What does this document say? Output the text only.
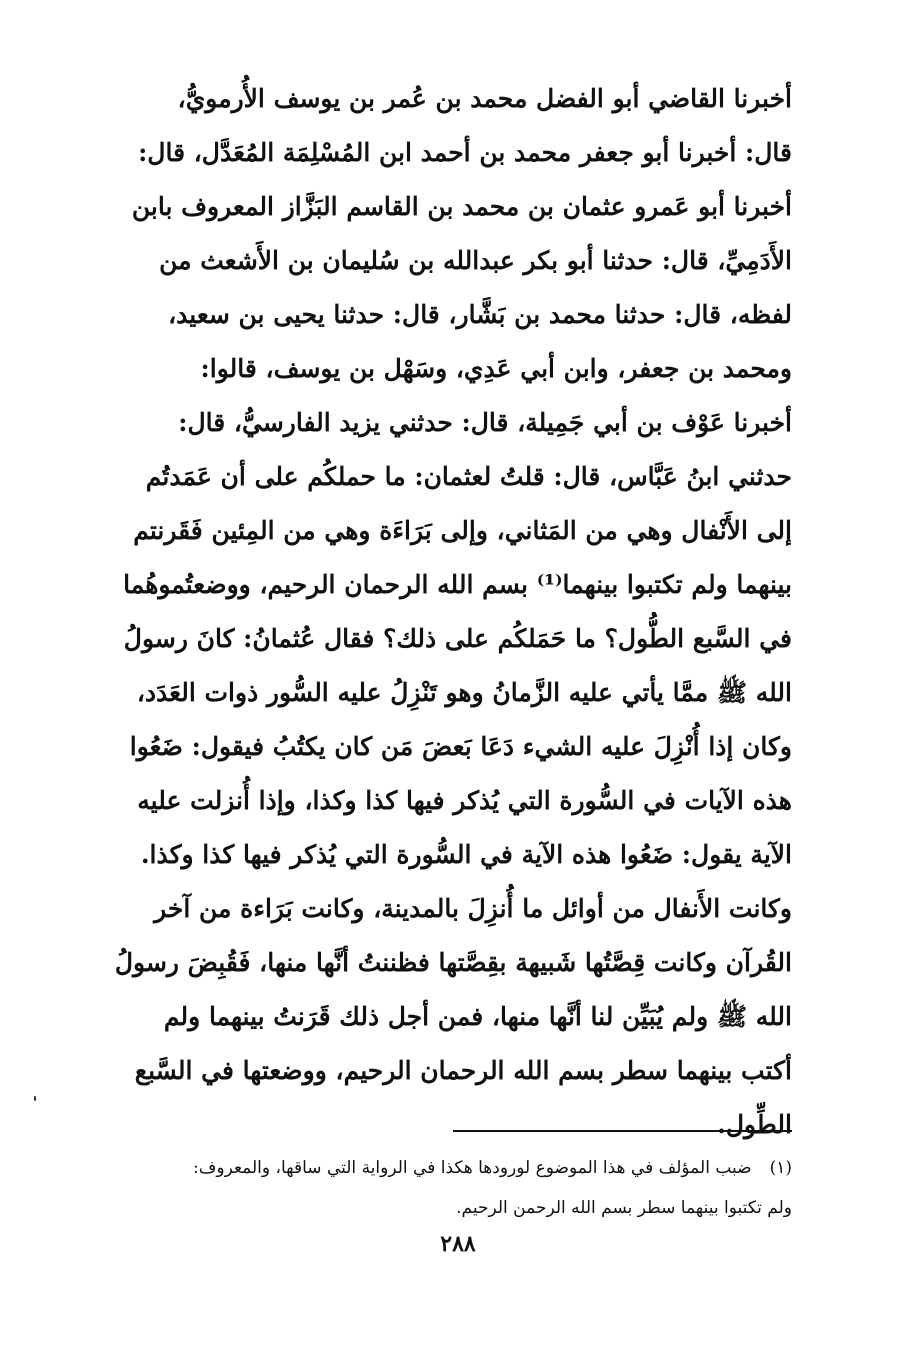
أخبرنا القاضي أبو الفضل محمد بن عُمر بن يوسف الأُرمويُّ،
قال: أخبرنا أبو جعفر محمد بن أحمد ابن المُسْلِمَة المُعَدَّل، قال:
أخبرنا أبو عَمرو عثمان بن محمد بن القاسم البَزَّاز المعروف بابن
الأَدَمِيِّ، قال: حدثنا أبو بكر عبدالله بن سُليمان بن الأَشعث من
لفظه، قال: حدثنا محمد بن بَشَّار، قال: حدثنا يحيى بن سعيد،
ومحمد بن جعفر، وابن أبي عَدِي، وسَهْل بن يوسف، قالوا:
أخبرنا عَوْف بن أبي جَمِيلة، قال: حدثني يزيد الفارسيُّ، قال:
حدثني ابنُ عَبَّاس، قال: قلتُ لعثمان: ما حملكُم على أن عَمَدتُم
إلى الأَنْفال وهي من المَثاني، وإلى بَرَاءَة وهي من المِئين فَقَرنتم
بينهما ولم تكتبوا بينهما⁽¹⁾ بسم الله الرحمان الرحيم، ووضعتُموهُما
في السَّبع الطُّول؟ ما حَمَلكُم على ذلك؟ فقال عُثمانُ: كانَ رسولُ
الله ﷺ ممَّا يأتي عليه الزَّمانُ وهو تَنْزِلُ عليه السُّور ذوات العَدَد،
وكان إذا أُنْزِلَ عليه الشيء دَعَا بَعضَ مَن كان يكتُبُ فيقول: ضَعُوا
هذه الآيات في السُّورة التي يُذكر فيها كذا وكذا، وإذا أُنزلت عليه
الآية يقول: ضَعُوا هذه الآية في السُّورة التي يُذكر فيها كذا وكذا.
وكانت الأَنفال من أوائل ما أُنزِلَ بالمدينة، وكانت بَرَاءة من آخر
القُرآن وكانت قِصَّتُها شَبيهة بقِصَّتها فظننتُ أنَّها منها، فَقُبِضَ رسولُ
الله ﷺ ولم يُبَيِّن لنا أنَّها منها، فمن أجل ذلك قَرَنتُ بينهما ولم
أكتب بينهما سطر بسم الله الرحمان الرحيم، ووضعتها في السَّبع
الطِّول.
(١)ضبب المؤلف في هذا الموضوع لورودها هكذا في الرواية التي ساقها، والمعروف:
ولم تكتبوا بينهما سطر بسم الله الرحمن الرحيم.
٢٨٨
